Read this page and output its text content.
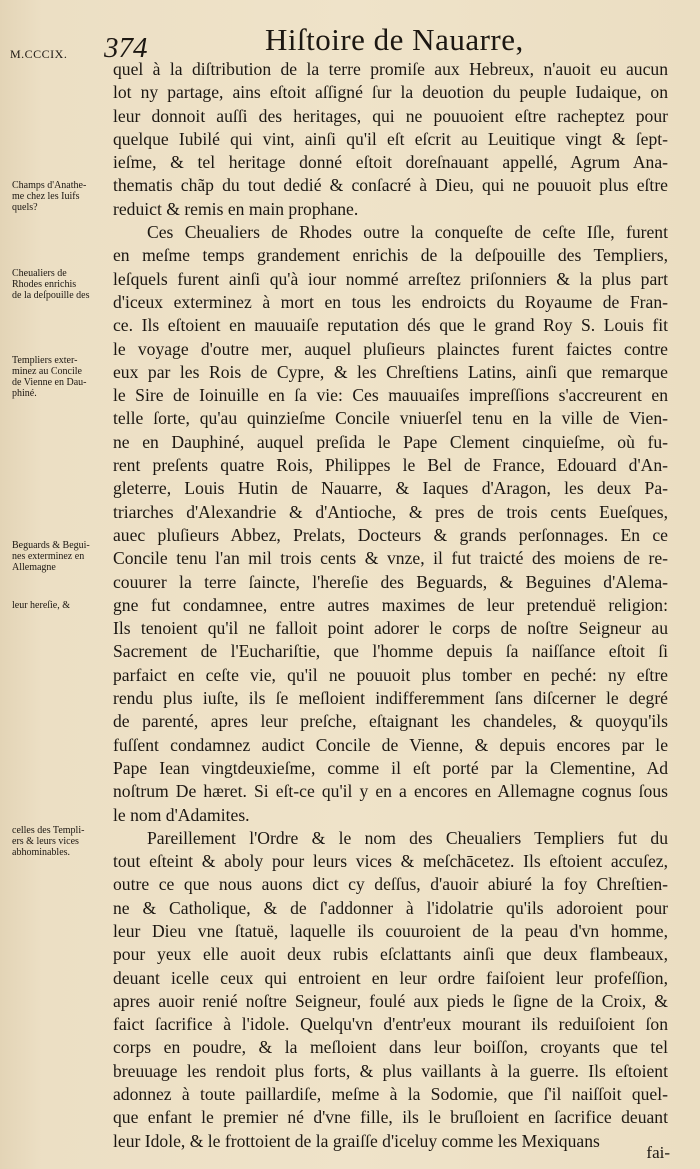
374	Hiſtoire de Nauarre,
M.CCCIX.
Champs d'Anathe-
me chez les Iuifs
quels?
Cheualiers de
Rhodes enrichis
de la deſpouille des
Templiers exter-
minez au Concile
de Vienne en Dau-
phiné.
Beguards & Begui-
nes exterminez en
Allemagne
leur hereſie, &
celles des Templi-
ers & leurs vices
abhominables.
quel à la diſtribution de la terre promiſe aux Hebreux, n'auoit eu aucun
lot ny partage, ains eſtoit aſſigné ſur la deuotion du peuple Iudaique, on
leur donnoit auſſi des heritages, qui ne pouuoient eſtre racheptez pour
quelque Iubilé qui vint, ainſi qu'il eſt eſcrit au Leuitique vingt & ſept-
ieſme, & tel heritage donné eſtoit doreſnauant appellé, Agrum Ana-
thematis chãp du tout dedié & conſacré à Dieu, qui ne pouuoit plus eſtre
reduict & remis en main prophane.
Ces Cheualiers de Rhodes outre la conqueſte de ceſte Iſle, furent
en meſme temps grandement enrichis de la deſpouille des Templiers,
leſquels furent ainſi qu'à iour nommé arreſtez priſonniers & la plus part
d'iceux exterminez à mort en tous les endroicts du Royaume de Fran-
ce. Ils eſtoient en mauuaiſe reputation dés que le grand Roy S. Louis fit
le voyage d'outre mer, auquel pluſieurs plainctes furent faictes contre
eux par les Rois de Cypre, & les Chreſtiens Latins, ainſi que remarque
le Sire de Ioinuille en ſa vie: Ces mauuaiſes impreſſions s'accreurent en
telle ſorte, qu'au quinzieſme Concile vniuerſel tenu en la ville de Vien-
ne en Dauphiné, auquel preſida le Pape Clement cinquieſme, où fu-
rent preſents quatre Rois, Philippes le Bel de France, Edouard d'An-
gleterre, Louis Hutin de Nauarre, & Iaques d'Aragon, les deux Pa-
triarches d'Alexandrie & d'Antioche, & pres de trois cents Eueſques,
auec pluſieurs Abbez, Prelats, Docteurs & grands perſonnages. En ce
Concile tenu l'an mil trois cents & vnze, il fut traicté des moiens de re-
couurer la terre ſaincte, l'hereſie des Beguards, & Beguines d'Alema-
gne fut condamnee, entre autres maximes de leur pretenduë religion:
Ils tenoient qu'il ne falloit point adorer le corps de noſtre Seigneur au
Sacrement de l'Euchariſtie, que l'homme depuis ſa naiſſance eſtoit ſi
parfaict en ceſte vie, qu'il ne pouuoit plus tomber en peché: ny eſtre
rendu plus iuſte, ils ſe meſloient indifferemment ſans diſcerner le degré
de parenté, apres leur preſche, eſtaignant les chandeles, & quoyqu'ils
fuſſent condamnez audict Concile de Vienne, & depuis encores par le
Pape Iean vingtdeuxieſme, comme il eſt porté par la Clementine, Ad
noſtrum De hæret. Si eſt-ce qu'il y en a encores en Allemagne cognus ſous
le nom d'Adamites.
Pareillement l'Ordre & le nom des Cheualiers Templiers fut du
tout eſteint & aboly pour leurs vices & meſchācetez. Ils eſtoient accuſez,
outre ce que nous auons dict cy deſſus, d'auoir abiuré la foy Chreſtien-
ne & Catholique, & de ſ'addonner à l'idolatrie qu'ils adoroient pour
leur Dieu vne ſtatuë, laquelle ils couuroient de la peau d'vn homme,
pour yeux elle auoit deux rubis eſclattants ainſi que deux flambeaux,
deuant icelle ceux qui entroient en leur ordre faiſoient leur profeſſion,
apres auoir renié noſtre Seigneur, foulé aux pieds le ſigne de la Croix, &
faict ſacrifice à l'idole. Quelqu'vn d'entr'eux mourant ils reduiſoient ſon
corps en poudre, & la meſloient dans leur boiſſon, croyants que tel
breuuage les rendoit plus forts, & plus vaillants à la guerre. Ils eſtoient
adonnez à toute paillardiſe, meſme à la Sodomie, que ſ'il naiſſoit quel-
que enfant le premier né d'vne fille, ils le bruſloient en ſacrifice deuant
leur Idole, & le frottoient de la graiſſe d'iceluy comme les Mexiquans
fai-
